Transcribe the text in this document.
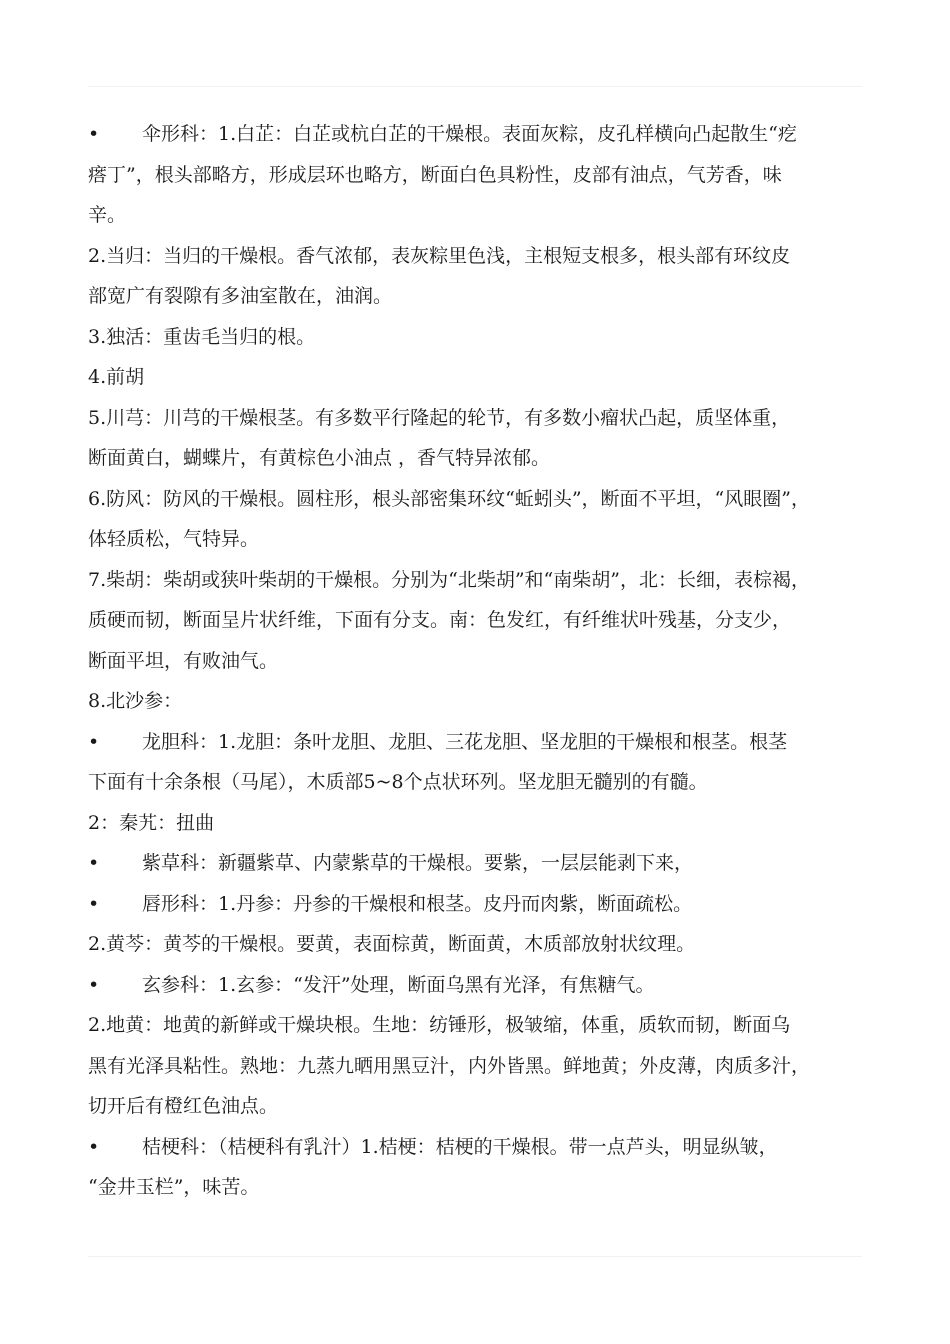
• 伞形科：1.白芷：白芷或杭白芷的干燥根。表面灰粽，皮孔样横向凸起散生“疙
瘩丁”，根头部略方，形成层环也略方，断面白色具粉性，皮部有油点，气芳香，味
辛。
2.当归：当归的干燥根。香气浓郁，表灰粽里色浅，主根短支根多，根头部有环纹皮
部宽广有裂隙有多油室散在，油润。
3.独活：重齿毛当归的根。
4.前胡
5.川芎：川芎的干燥根茎。有多数平行隆起的轮节，有多数小瘤状凸起，质坚体重，
断面黄白，蝴蝶片，有黄棕色小油点 ，香气特异浓郁。
6.防风：防风的干燥根。圆柱形，根头部密集环纹“蚯蚓头”，断面不平坦，“风眼圈”，
体轻质松，气特异。
7.柴胡：柴胡或狭叶柴胡的干燥根。分别为“北柴胡”和“南柴胡”，北：长细，表棕褐，
质硬而韧，断面呈片状纤维，下面有分支。南：色发红，有纤维状叶残基，分支少，
断面平坦，有败油气。
8.北沙参：
• 龙胆科：1.龙胆：条叶龙胆、龙胆、三花龙胆、坚龙胆的干燥根和根茎。根茎
下面有十余条根（马尾），木质部5~8个点状环列。坚龙胆无髓别的有髓。
2：秦艽：扭曲
• 紫草科：新疆紫草、内蒙紫草的干燥根。要紫，一层层能剥下来，
• 唇形科：1.丹参：丹参的干燥根和根茎。皮丹而肉紫，断面疏松。
2.黄芩：黄芩的干燥根。要黄，表面棕黄，断面黄，木质部放射状纹理。
• 玄参科：1.玄参：“发汗”处理，断面乌黑有光泽，有焦糖气。
2.地黄：地黄的新鲜或干燥块根。生地：纺锤形，极皱缩，体重，质软而韧，断面乌
黑有光泽具粘性。熟地：九蒸九晒用黑豆汁，内外皆黑。鲜地黄；外皮薄，肉质多汁，
切开后有橙红色油点。
• 桔梗科：（桔梗科有乳汁）1.桔梗：桔梗的干燥根。带一点芦头，明显纵皱，
“金井玉栏”，味苦。
